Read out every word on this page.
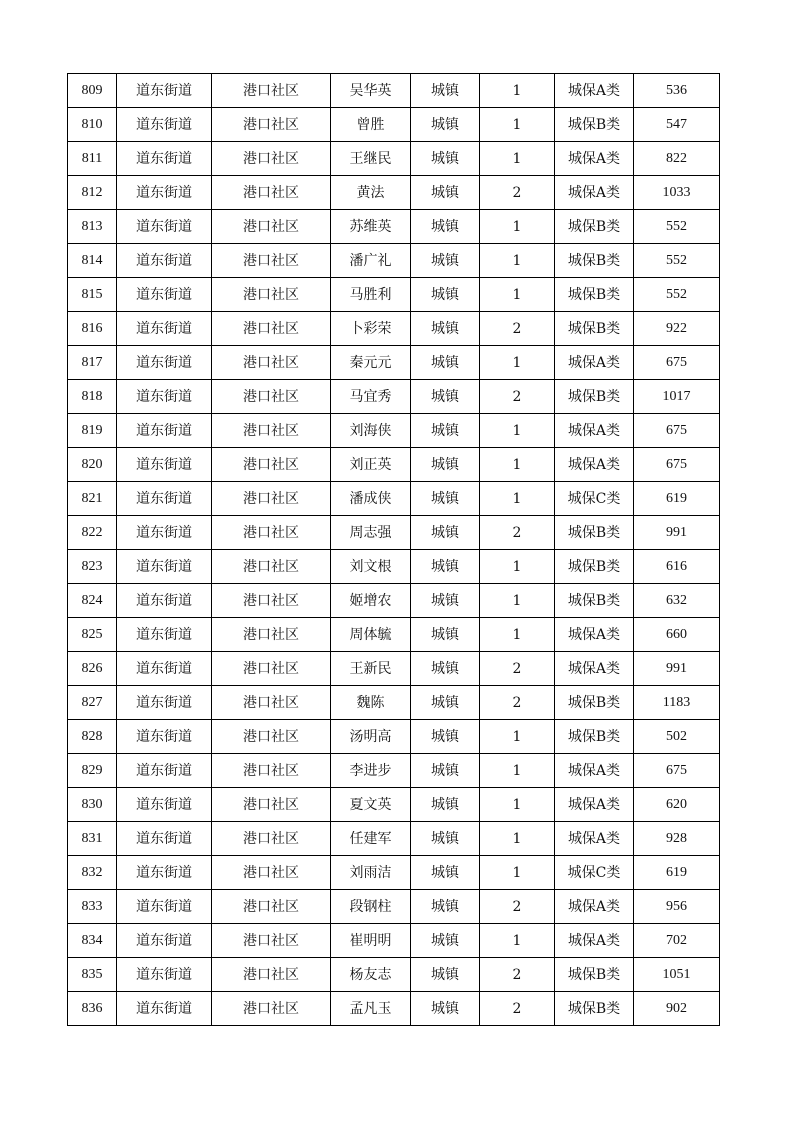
809	道东街道	港口社区	吴华英	城镇	1	城保A类	536
810	道东街道	港口社区	曾胜	城镇	1	城保B类	547
811	道东街道	港口社区	王继民	城镇	1	城保A类	822
812	道东街道	港口社区	黄法	城镇	2	城保A类	1033
813	道东街道	港口社区	苏维英	城镇	1	城保B类	552
814	道东街道	港口社区	潘广礼	城镇	1	城保B类	552
815	道东街道	港口社区	马胜利	城镇	1	城保B类	552
816	道东街道	港口社区	卜彩荣	城镇	2	城保B类	922
817	道东街道	港口社区	秦元元	城镇	1	城保A类	675
818	道东街道	港口社区	马宜秀	城镇	2	城保B类	1017
819	道东街道	港口社区	刘海侠	城镇	1	城保A类	675
820	道东街道	港口社区	刘正英	城镇	1	城保A类	675
821	道东街道	港口社区	潘成侠	城镇	1	城保C类	619
822	道东街道	港口社区	周志强	城镇	2	城保B类	991
823	道东街道	港口社区	刘文根	城镇	1	城保B类	616
824	道东街道	港口社区	姬增农	城镇	1	城保B类	632
825	道东街道	港口社区	周体毓	城镇	1	城保A类	660
826	道东街道	港口社区	王新民	城镇	2	城保A类	991
827	道东街道	港口社区	魏陈	城镇	2	城保B类	1183
828	道东街道	港口社区	汤明高	城镇	1	城保B类	502
829	道东街道	港口社区	李进步	城镇	1	城保A类	675
830	道东街道	港口社区	夏文英	城镇	1	城保A类	620
831	道东街道	港口社区	任建军	城镇	1	城保A类	928
832	道东街道	港口社区	刘雨洁	城镇	1	城保C类	619
833	道东街道	港口社区	段钢柱	城镇	2	城保A类	956
834	道东街道	港口社区	崔明明	城镇	1	城保A类	702
835	道东街道	港口社区	杨友志	城镇	2	城保B类	1051
836	道东街道	港口社区	孟凡玉	城镇	2	城保B类	902
